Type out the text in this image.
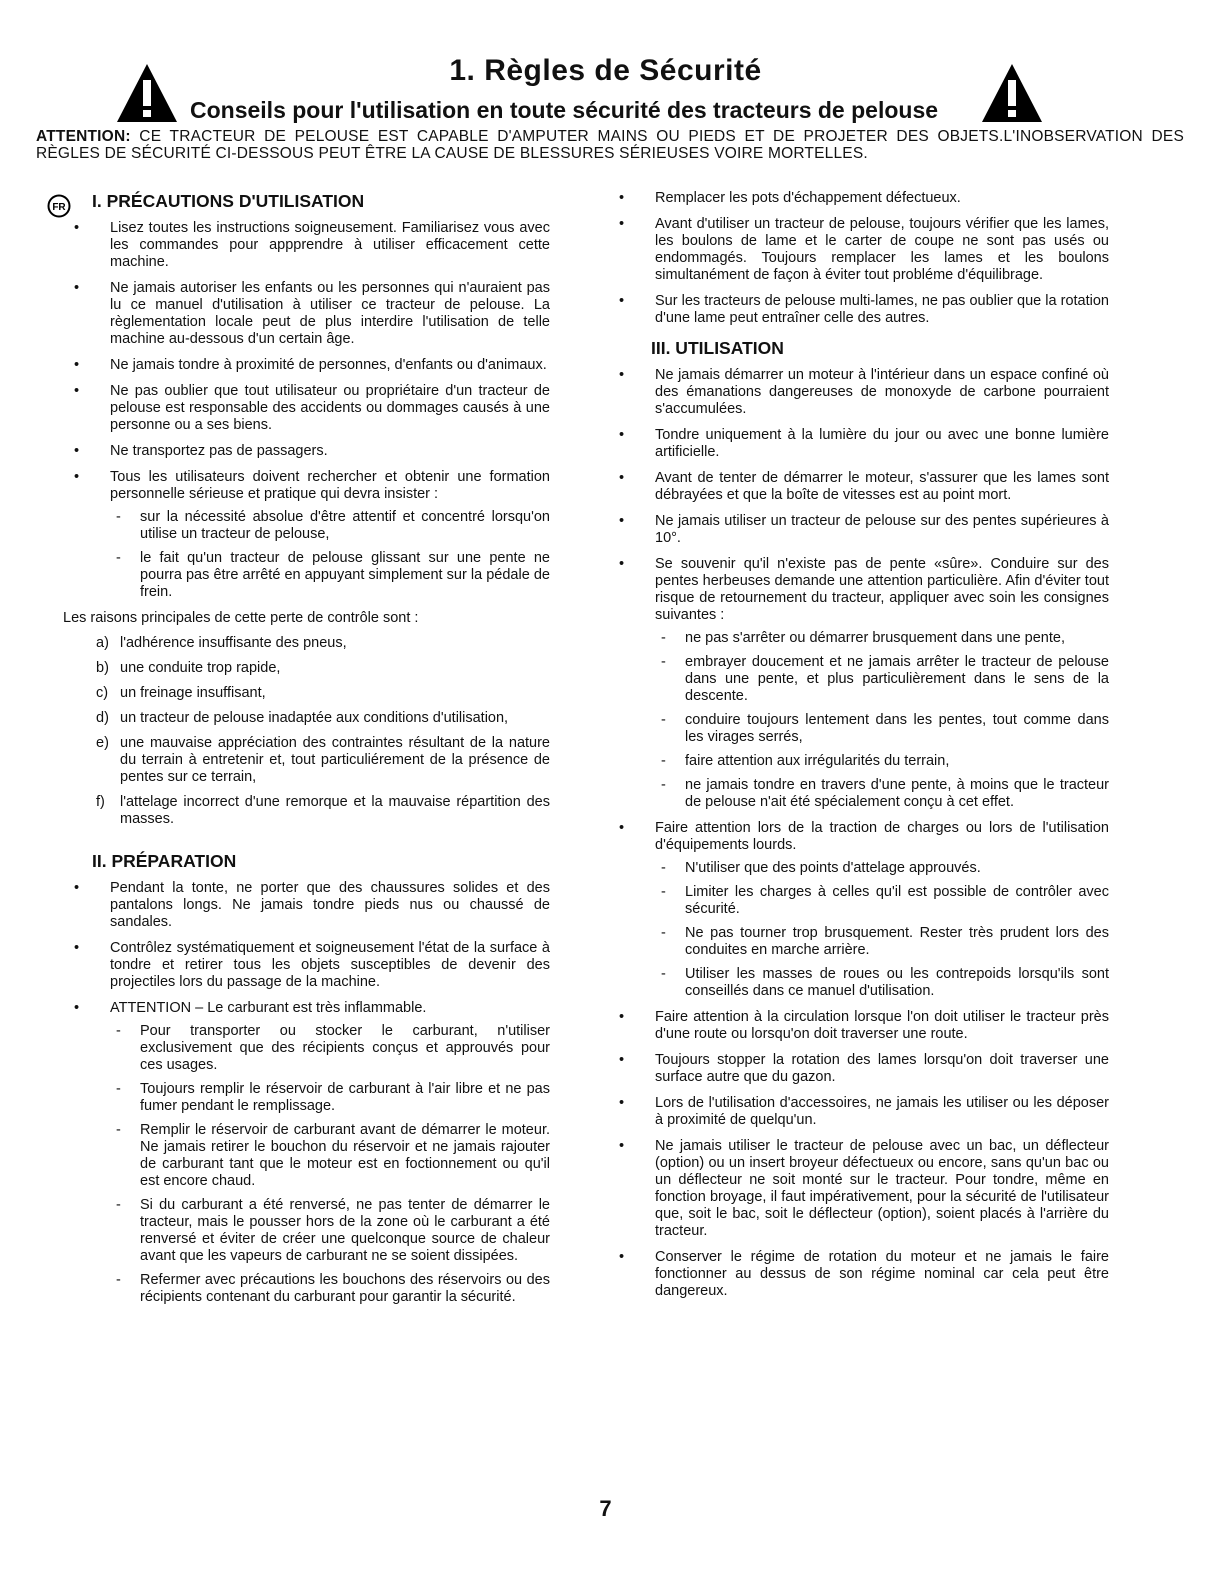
1. Règles de Sécurité
Conseils pour l'utilisation en toute sécurité des tracteurs de pelouse
ATTENTION: CE TRACTEUR DE PELOUSE EST CAPABLE D'AMPUTER MAINS OU PIEDS ET DE PROJETER DES OBJETS.L'INOBSERVATION DES RÈGLES DE SÉCURITÉ CI-DESSOUS PEUT ÊTRE LA CAUSE DE BLESSURES SÉRIEUSES VOIRE MORTELLES.
FR I. PRÉCAUTIONS D'UTILISATION
• Lisez toutes les instructions soigneusement. Familiarisez vous avec les commandes pour appprendre à utiliser efficacement cette machine.
• Ne jamais autoriser les enfants ou les personnes qui n'auraient pas lu ce manuel d'utilisation à utiliser ce tracteur de pelouse. La règlementation locale peut de plus interdire l'utilisation de telle machine au-dessous d'un certain âge.
• Ne jamais tondre à proximité de personnes, d'enfants ou d'animaux.
• Ne pas oublier que tout utilisateur ou propriétaire d'un tracteur de pelouse est responsable des accidents ou dommages causés à une personne ou a ses biens.
• Ne transportez pas de passagers.
• Tous les utilisateurs doivent rechercher et obtenir une formation personnelle sérieuse et pratique qui devra insister :
- sur la nécessité absolue d'être attentif et concentré lorsqu'on utilise un tracteur de pelouse,
- le fait qu'un tracteur de pelouse glissant sur une pente ne pourra pas être arrêté en appuyant simplement sur la pédale de frein.

Les raisons principales de cette perte de contrôle sont :

a) l'adhérence insuffisante des pneus,
b) une conduite trop rapide,
c) un freinage insuffisant,
d) un tracteur de pelouse inadaptée aux conditions d'utilisation,
e) une mauvaise appréciation des contraintes résultant de la nature du terrain à entretenir et, tout particuliérement de la présence de pentes sur ce terrain,
f) l'attelage incorrect d'une remorque et la mauvaise répartition des masses.
II. PRÉPARATION
• Pendant la tonte, ne porter que des chaussures solides et des pantalons longs. Ne jamais tondre pieds nus ou chaussé de sandales.
• Contrôlez systématiquement et soigneusement l'état de la surface à tondre et retirer tous les objets susceptibles de devenir des projectiles lors du passage de la machine.
• ATTENTION – Le carburant est très inflammable.
- Pour transporter ou stocker le carburant, n'utiliser exclusivement que des récipients conçus et approuvés pour ces usages.
- Toujours remplir le réservoir de carburant à l'air libre et ne pas fumer pendant le remplissage.
- Remplir le réservoir de carburant avant de démarrer le moteur. Ne jamais retirer le bouchon du réservoir et ne jamais rajouter de carburant tant que le moteur est en foctionnement ou qu'il est encore chaud.
- Si du carburant a été renversé, ne pas tenter de démarrer le tracteur, mais le pousser hors de la zone où le carburant a été renversé et éviter de créer une quelconque source de chaleur avant que les vapeurs de carburant ne se soient dissipées.
- Refermer avec précautions les bouchons des réservoirs ou des récipients contenant du carburant pour garantir la sécurité.
• Remplacer les pots d'échappement défectueux.
• Avant d'utiliser un tracteur de pelouse, toujours vérifier que les lames, les boulons de lame et le carter de coupe ne sont pas usés ou endommagés. Toujours remplacer les lames et les boulons simultanément de façon à éviter tout probléme d'équilibrage.
• Sur les tracteurs de pelouse multi-lames, ne pas oublier que la rotation d'une lame peut entraîner celle des autres.
III. UTILISATION
• Ne jamais démarrer un moteur à l'intérieur dans un espace confiné où des émanations dangereuses de monoxyde de carbone pourraient s'accumulées.
• Tondre uniquement à la lumière du jour ou avec une bonne lumière artificielle.
• Avant de tenter de démarrer le moteur, s'assurer que les lames sont débrayées et que la boîte de vitesses est au point mort.
• Ne jamais utiliser un tracteur de pelouse sur des pentes supérieures à 10°.
• Se souvenir qu'il n'existe pas de pente «sûre». Conduire sur des pentes herbeuses demande une attention particulière. Afin d'éviter tout risque de retournement du tracteur, appliquer avec soin les consignes suivantes :
- ne pas s'arrêter ou démarrer brusquement dans une pente,
- embrayer doucement et ne jamais arrêter le tracteur de pelouse dans une pente, et plus particulièrement dans le sens de la descente.
- conduire toujours lentement dans les pentes, tout comme dans les virages serrés,
- faire attention aux irrégularités du terrain,
- ne jamais tondre en travers d'une pente, à moins que le tracteur de pelouse n'ait été spécialement conçu à cet effet.
• Faire attention lors de la traction de charges ou lors de l'utilisation d'équipements lourds.
- N'utiliser que des points d'attelage approuvés.
- Limiter les charges à celles qu'il est possible de contrôler avec sécurité.
- Ne pas tourner trop brusquement. Rester très prudent lors des conduites en marche arrière.
- Utiliser les masses de roues ou les contrepoids lorsqu'ils sont conseillés dans ce manuel d'utilisation.
• Faire attention à la circulation lorsque l'on doit utiliser le tracteur près d'une route ou lorsqu'on doit traverser une route.
• Toujours stopper la rotation des lames lorsqu'on doit traverser une surface autre que du gazon.
• Lors de l'utilisation d'accessoires, ne jamais les utiliser ou les déposer à proximité de quelqu'un.
• Ne jamais utiliser le tracteur de pelouse avec un bac, un déflecteur (option) ou un insert broyeur défectueux ou encore, sans qu'un bac ou un déflecteur ne soit monté sur le tracteur. Pour tondre, même en fonction broyage, il faut impérativement, pour la sécurité de l'utilisateur que, soit le bac, soit le déflecteur (option), soient placés à l'arrière du tracteur.
• Conserver le régime de rotation du moteur et ne jamais le faire fonctionner au dessus de son régime nominal car cela peut être dangereux.
7
